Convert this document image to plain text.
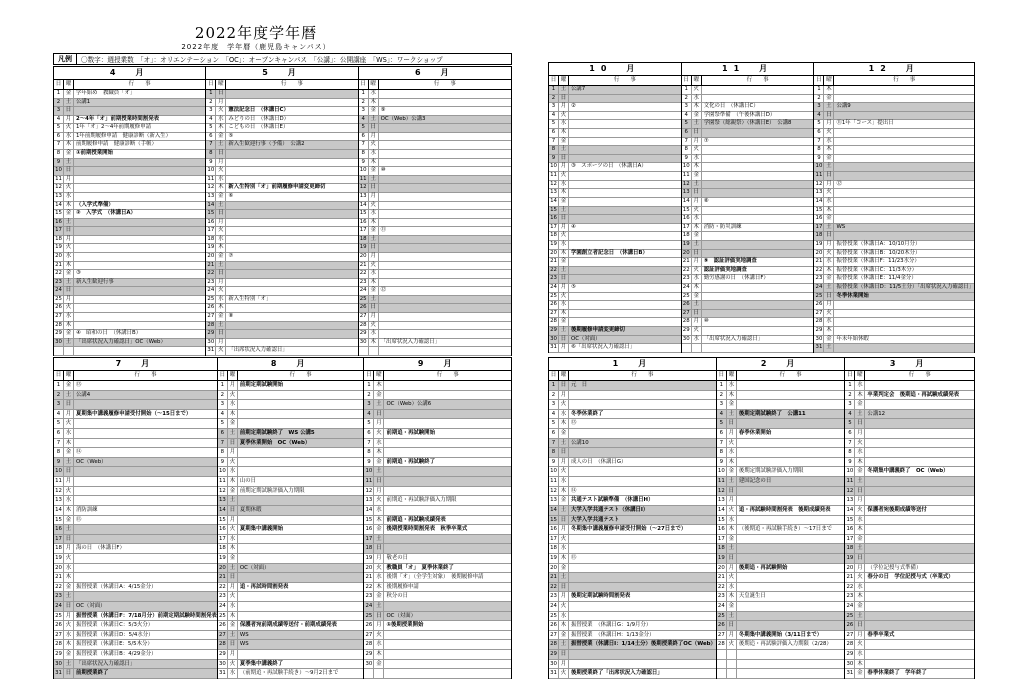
2022年度学年暦
2022年度　学年暦（鹿児島キャンパス）
凡例	〇数字：週授業数　「オ」：オリエンテーション　「OC」：オープンキャンパス　「公講」：公開講座　「WS」：ワークショップ
4　月
日 曜	行　　事
1	金 学年始め　教職員「オ」
2	土 公講1
3	日
4	月 2～4年「オ」前期授業時間割発表
5	火 1年「オ」2～4年前期履修申請
6	水 1年前期履修申請　健康診断（新入生）
7	木 前期履修申請　健康診断（手帳）
8	金 ①前期授業開始
9	土
10 日
11 月
12 火
13 水
14 木 （入学式準備）
15 金 ②　入学式　（休講日A）
16 土
17 日
18 月
19 火
20 水
21 木
22 金 ③
23 土 新入生歓迎行事
24 日
25 月
26 火
27 水
28 木
29 金 ④　昭和の日　（休講日B）
30 土 「出席状況入力確認日」OC（Web）
5　月
日 曜	行　　事
1	日
2	月
3	火 憲法記念日　（休講日C）
4	水 みどりの日　（休講日D）
5	木 こどもの日　（休講日E）
6	金 ⑤
7	土 新入生歓迎行事（予備）　公講2
8	日
9	月
10 火
11 水
12 木 新入生特別「オ」前期履修申請変更締切
13 金 ⑥
14 土
15 日
16 月
17 火
18 水
19 木
20 金 ⑦
21 土
22 日
23 月
24 火
25 水 新入生特別「オ」
26 木
27 金 ⑧
28 土
29 日
30 月
31 火 「出席状況入力確認日」
6　月
日 曜	行　　事
1	水
2	木
3	金 ⑨
4	土 OC（Web）公講3
5	日
6	月
7	火
8	水
9	木
10 金 ⑩
11 土
12 日
13 月
14 火
15 水
16 木
17 金 ⑪
18 土
19 日
20 月
21 火
22 水
23 木
24 金 ⑫
25 土
26 日
27 月
28 火
29 水
30 木 「出席状況入力確認日」
7　月
日 曜	行　　事
1	金 ⑬
2	土 公講4
3	日
4	月 夏期集中講義履修申請受付開始（～15日まで）
5	火
6	水
7	木
8	金 ⑭
9	土 OC（Web）
10 日
11 月
12 火
13 水
14 木 消防訓練
15 金 ⑮
16 土
17 日
18 月 海の日　（休講日F）
19 火
20 水
21 木
22 金 振替授業（休講日A：4/15金分）
23 土
24 日 OC（対面）
25 月 振替授業（休講日F：7/18月分）前期定期試験時間割発表
26 火 振替授業（休講日C：5/3火分）
27 水 振替授業（休講日D：5/4水分）
28 木 振替授業（休講日E：5/5木分）
29 金 振替授業（休講日B：4/29金分）
30 土 「出席状況入力確認日」
31 日 前期授業終了
8　月
日 曜	行　　事
1	月 前期定期試験開始
2	火
3	水
4	木
5	金
6	土 前期定期試験終了　WS 公講5
7	日 夏季休業開始　OC（Web）
8	月
9	火
10 水
11 木 山の日
12 金 前期定期試験評価入力期限
13 土
14 日 夏期休暇
15 月
16 火 夏期集中講義開始
17 水
18 木
19 金
20 土 OC（対面）
21 日
22 月 追・再試時間割発表
23 火
24 水
25 木
26 金 保護者宛前期成績等送付・前期成績発表
27 土 WS
28 日 WS
29 月
30 火 夏季集中講義終了
31 水 （前期追・再試験手続き）～9月2日まで
9　月
日 曜	行　　事
1	木
2	金
3	土 OC（Web）公講6
4	日
5	月
6	火 前期追・再試験開始
7	水
8	木
9	金 前期追・再試験終了
10 土
11 日
12 月
13 火 前期追・再試験評価入力期限
14 水
15 木 前期追・再試験成績発表
16 金 後期授業時間割発表　秋季卒業式
17 土
18 日
19 月 敬老の日
20 火 教職員「オ」　夏季休業終了
21 水 後期「オ」（全学生対象）　後期履修申請
22 木 後期履修申請
23 金 秋分の日
24 土
25 日 OC（対面）
26 月 ①後期授業開始
27 火
28 水
29 木
30 金
10　月
日 曜	行　　事
1	土 公講7
2	日
3	月 ②
4	火
5	水
6	木
7	金
8	土
9	日
10 月 ③　スポーツの日　（休講日A）
11 火
12 水
13 木
14 金
15 土
16 日
17 月 ④
18 火
19 水
20 木 学園創立者記念日　（休講日B）
21 金
22 土
23 日
24 月 ⑤
25 火
26 水
27 木
28 金
29 土 後期履修申請変更締切
30 日 OC（対面）
31 月 ⑥「出席状況入力確認日」
11　月
日 曜	行　　事
1	火
2	水
3	木 文化の日　（休講日C）
4	金 学園祭準備　（午後休講日D）
5	土 学園祭（総親祭）（休講日E）　公講8
6	日
7	月 ⑦
8	火
9	水
10 木
11 金
12 土
13 日
14 月 ⑧
15 火
16 水
17 木 消防・防災訓練
18 金
19 土
20 日
21 月 ⑨　認証評価実地調査
22 火 認証評価実地調査
23 水 勤労感謝の日　（休講日F）
24 木
25 金
26 土
27 日
28 月 ⑩
29 火
30 水 「出席状況入力確認日」
12　月
日 曜	行　　事
1	木
2	金
3	土 公講9
4	日
5	月 ⑪1年「コース」提出日
6	火
7	水
8	木
9	金
10 土
11 日
12 月 ⑫
13 火
14 水
15 木
16 金
17 土 WS
18 日
19 月 振替授業（休講日A：10/10月分）
20 火 振替授業（休講日B：10/20木分）
21 水 振替授業（休講日F：11/23水分）
22 木 振替授業（休講日C：11/3木分）
23 金 振替授業（休講日E：11/4金分）
24 土 振替授業（休講日D：11/5土分）「出席状況入力確認日」
25 日 冬季休業開始
26 月
27 火
28 水
29 木
30 金 年末年始休暇
31 土
1　月
日 曜	行　　事
1	日 元　日
2	月
3	火
4	水 冬季休業終了
5	木 ⑬
6	金
7	土 公講10
8	日
9	月 成人の日　（休講日G）
10 火
11 水
12 木 ⑭
13 金 共通テスト試験準備　（休講日H）
14 土 大学入学共通テスト（休講日I）
15 日 大学入学共通テスト
16 月 冬期集中講義履修申請受付開始（～27日まで）
17 火
18 水
19 木 ⑮
20 金
21 土
22 日
23 月 後期定期試験時間割発表
24 火
25 水
26 木 振替授業　（休講日G：1/9月分）
27 金 振替授業　（休講日H：1/13金分）
28 土 振替授業（休講日I：1/14土分）後期授業終了OC（Web）
29 日
30 月
31 火 後期授業終了「出席状況入力確認日」
2　月
日 曜	行　　事
1	水
2	木
3	金
4	土 後期定期試験終了　公講11
5	日
6	月 春季休業開始
7	火
8	水
9	木
10 金 後期定期試験評価入力期限
11 土 建国記念の日
12 日
13 月
14 火 追・再試験時間割発表　後期成績発表
15 水
16 木 （後期追・再試験手続き）～17日まで
17 金
18 土
19 日
20 月 後期追・再試験開始
21 火
22 水
23 木 天皇誕生日
24 金
25 土
26 日
27 月 冬期集中講義開始（3/11日まで）
28 火 後期追・再試験評価入力期限（2/28）
3　月
日 曜	行　　事
1	水
2	木 卒業判定会　後期追・再試験成績発表
3	金
4	土 公講12
5	日
6	月
7	火
8	水
9	木
10 金 冬期集中講義終了　OC（Web）
11 土
12 日
13 月
14 火 保護者宛後期成績等送付
15 水
16 木
17 金
18 土
19 日
20 月 （学位記授与式準備）
21 火 春分の日　学位記授与式（卒業式）
22 水
23 木
24 金
25 土
26 日
27 月 春季卒業式
28 火
29 水
30 木
31 金 春季休業終了　学年終了
